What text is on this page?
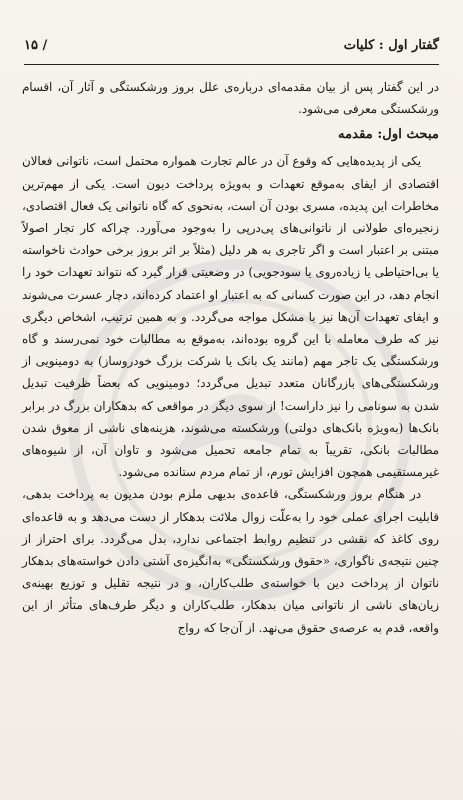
گفتار اول : کلیات
/ ۱۵

در این گفتار پس از بیان مقدمه‌ای درباره‌ی علل بروز ورشکستگی و آثار آن، اقسام ورشکستگی معرفی می‌شود.

مبحث اول: مقدمه

یکی از پدیده‌هایی که وقوع آن در عالم تجارت همواره محتمل است، ناتوانی فعالان اقتصادی از ایفای به‌موقع تعهدات و به‌ویژه پرداخت دیون است. یکی از مهم‌ترین مخاطرات این پدیده، مسری بودن آن است، به‌نحوی که گاه ناتوانی یک فعال اقتصادی، زنجیره‌ای طولانی از ناتوانی‌های پی‌درپی را به‌وجود می‌آورد. چراکه کار تجار اصولاً مبتنی بر اعتبار است و اگر تاجری به هر دلیل (مثلاً بر اثر بروز برخی حوادث ناخواسته یا بی‌احتیاطی یا زیاده‌روی یا سودجویی) در وضعیتی قرار گیرد که نتواند تعهدات خود را انجام دهد، در این صورت کسانی که به اعتبار او اعتماد کرده‌اند، دچار عسرت می‌شوند و ایفای تعهدات آن‌ها نیز با مشکل مواجه می‌گردد. و به همین ترتیب، اشخاص دیگری نیز که طرف معامله با این گروه بوده‌اند، به‌موقع به مطالبات خود نمی‌رسند و گاه ورشکستگی یک تاجر مهم (مانند یک بانک یا شرکت بزرگ خودروساز) به دومینویی از ورشکستگی‌های بازرگانان متعدد تبدیل می‌گردد؛ دومینویی که بعضاً ظرفیت تبدیل شدن به سونامی را نیز داراست! از سوی دیگر در مواقعی که بدهکاران بزرگ در برابر بانک‌ها (به‌ویژه بانک‌های دولتی) ورشکسته می‌شوند، هزینه‌های ناشی از معوق شدن مطالبات بانکی، تقریباً به تمام جامعه تحمیل می‌شود و تاوان آن، از شیوه‌های غیرمستقیمی همچون افزایش تورم، از تمام مردم ستانده می‌شود.

در هنگام بروز ورشکستگی، قاعده‌ی بدیهی ملزم بودن مدیون به پرداخت بدهی، قابلیت اجرای عملی خود را به‌علّت زوال ملائت بدهکار از دست می‌دهد و به قاعده‌ای روی کاغذ که نقشی در تنظیم روابط اجتماعی ندارد، بدل می‌گردد. برای احتراز از چنین نتیجه‌ی ناگواری، «حقوق ورشکستگی» به‌انگیزه‌ی آشتی دادن خواسته‌های بدهکار ناتوان از پرداخت دین با خواسته‌ی طلب‌کاران، و در نتیجه تقلیل و توزیع بهینه‌ی زیان‌های ناشی از ناتوانی میان بدهکار، طلب‌کاران و دیگر طرف‌های متأثر از این واقعه، قدم به عرصه‌ی حقوق می‌نهد. از آن‌جا که رواج
